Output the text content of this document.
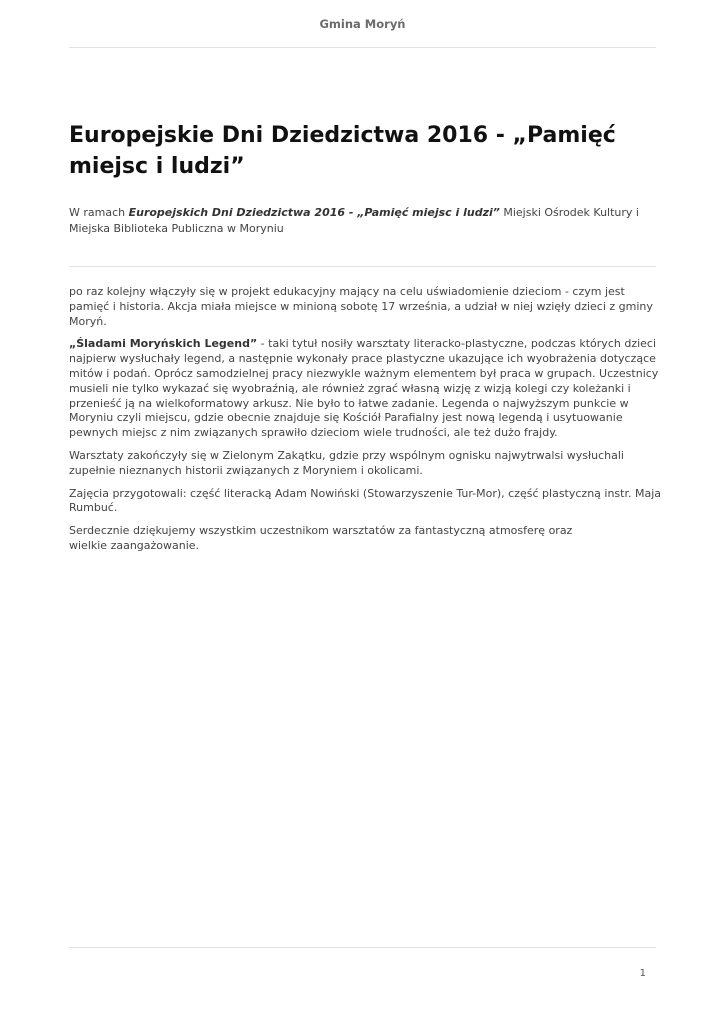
Gmina Moryń
Europejskie Dni Dziedzictwa 2016 - „Pamięć miejsc i ludzi”

W ramach Europejskich Dni Dziedzictwa 2016 - „Pamięć miejsc i ludzi” Miejski Ośrodek Kultury i Miejska Biblioteka Publiczna w Moryniu

po raz kolejny włączyły się w projekt edukacyjny mający na celu uświadomienie dzieciom - czym jest pamięć i historia. Akcja miała miejsce w minioną sobotę 17 września, a udział w niej wzięły dzieci z gminy Moryń.

„Śladami Moryńskich Legend” - taki tytuł nosiły warsztaty literacko-plastyczne, podczas których dzieci najpierw wysłuchały legend, a następnie wykonały prace plastyczne ukazujące ich wyobrażenia dotyczące mitów i podań. Oprócz samodzielnej pracy niezwykle ważnym elementem był praca w grupach. Uczestnicy musieli nie tylko wykazać się wyobraźnią, ale również zgrać własną wizję z wizją kolegi czy koleżanki i przenieść ją na wielkoformatowy arkusz. Nie było to łatwe zadanie. Legenda o najwyższym punkcie w Moryniu czyli miejscu, gdzie obecnie znajduje się Kościół Parafialny jest nową legendą i usytuowanie pewnych miejsc z nim związanych sprawiło dzieciom wiele trudności, ale też dużo frajdy.

Warsztaty zakończyły się w Zielonym Zakątku, gdzie przy wspólnym ognisku najwytrwalsi wysłuchali zupełnie nieznanych historii związanych z Moryniem i okolicami.

Zajęcia przygotowali: część literacką Adam Nowiński (Stowarzyszenie Tur-Mor), część plastyczną instr. Maja Rumbuć.

Serdecznie dziękujemy wszystkim uczestnikom warsztatów za fantastyczną atmosferę oraz
wielkie zaangażowanie.

1
